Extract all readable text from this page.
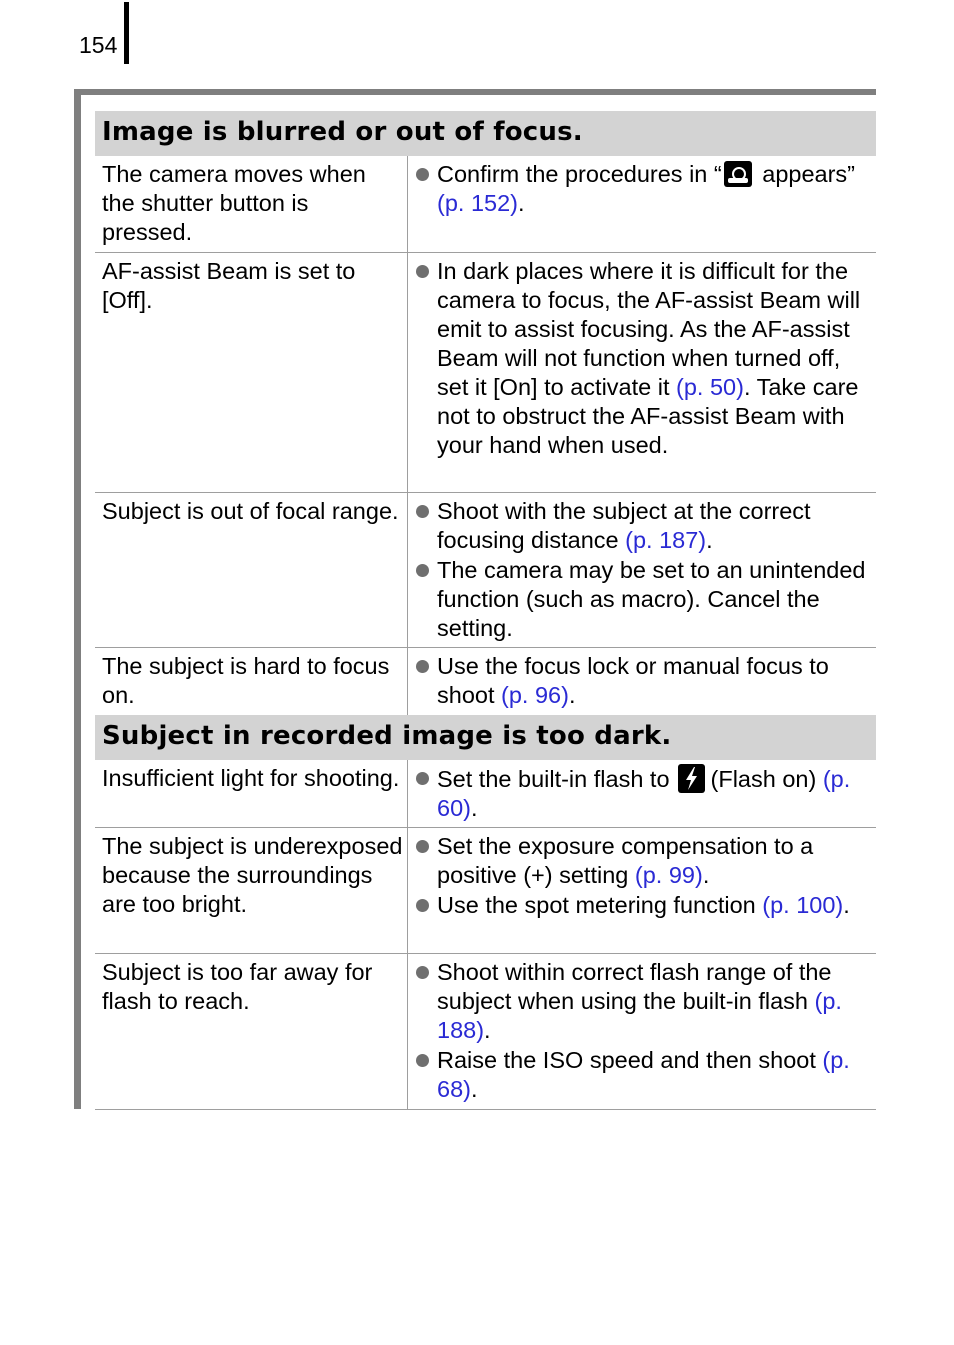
154
Image is blurred or out of focus.
The camera moves when the shutter button is pressed.
Confirm the procedures in “
appears” (p. 152).
AF-assist Beam is set to [Off].
In dark places where it is difficult for the camera to focus, the AF-assist Beam will emit to assist focusing. As the AF-assist Beam will not function when turned off, set it [On] to activate it (p. 50). Take care not to obstruct the AF-assist Beam with your hand when used.
Subject is out of focal range.	Shoot with the subject at the correct focusing distance (p. 187).
The camera may be set to an unintended function (such as macro). Cancel the setting.
The subject is hard to focus on.
Use the focus lock or manual focus to shoot (p. 96).
Subject in recorded image is too dark.
Insufficient light for shooting.	Set the built-in flash to (Flash on) (p. 60).
The subject is underexposed because the surroundings are too bright.
Set the exposure compensation to a positive (+) setting (p. 99).
Use the spot metering function (p. 100).
Subject is too far away for flash to reach.
Shoot within correct flash range of the subject when using the built-in flash (p. 188).
Raise the ISO speed and then shoot (p. 68).
